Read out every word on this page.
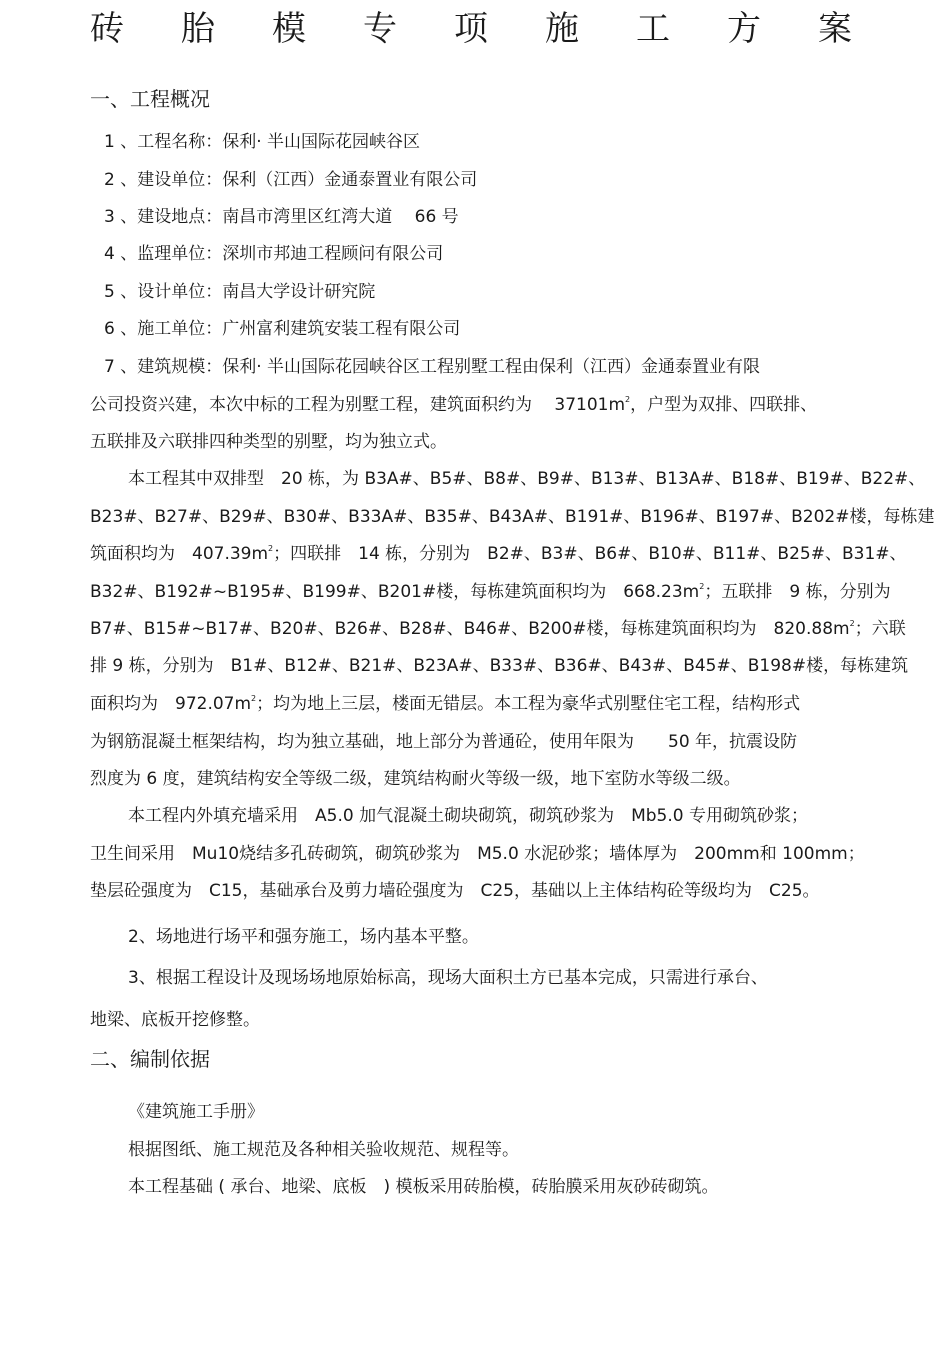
砖 胎 模 专 项 施 工 方 案
一、工程概况
1 、工程名称：保利· 半山国际花园峡谷区
2 、建设单位：保利（江西）金通泰置业有限公司
3 、建设地点：南昌市湾里区红湾大道　 66 号
4 、监理单位：深圳市邦迪工程顾问有限公司
5 、设计单位：南昌大学设计研究院
6 、施工单位：广州富利建筑安装工程有限公司
7 、建筑规模：保利· 半山国际花园峡谷区工程别墅工程由保利（江西）金通泰置业有限
公司投资兴建，本次中标的工程为别墅工程，建筑面积约为　 $37101m^2$，户型为双排、四联排、
五联排及六联排四种类型的别墅，均为独立式。
本工程其中双排型　20 栋，为 B3A#、B5#、B8#、B9#、B13#、B13A#、B18#、B19#、B22#、
B23#、B27#、B29#、B30#、B33A#、B35#、B43A#、B191#、B196#、B197#、B202#楼，每栋建
筑面积均为　$407.39m^2$；四联排　14 栋，分别为　B2#、B3#、B6#、B10#、B11#、B25#、B31#、
B32#、B192#~B195#、B199#、B201#楼，每栋建筑面积均为　$668.23m^2$；五联排　9 栋，分别为
B7#、B15#~B17#、B20#、B26#、B28#、B46#、B200#楼，每栋建筑面积均为　$820.88m^2$；六联
排 9 栋，分别为　B1#、B12#、B21#、B23A#、B33#、B36#、B43#、B45#、B198#楼，每栋建筑
面积均为　$972.07m^2$；均为地上三层，楼面无错层。本工程为豪华式别墅住宅工程，结构形式
为钢筋混凝土框架结构，均为独立基础，地上部分为普通砼，使用年限为　　50 年，抗震设防
烈度为 6 度，建筑结构安全等级二级，建筑结构耐火等级一级，地下室防水等级二级。
本工程内外填充墙采用　A5.0 加气混凝土砌块砌筑，砌筑砂浆为　Mb5.0 专用砌筑砂浆；
卫生间采用　Mu10烧结多孔砖砌筑，砌筑砂浆为　M5.0 水泥砂浆；墙体厚为　200mm和 100mm；
垫层砼强度为　C15，基础承台及剪力墙砼强度为　C25，基础以上主体结构砼等级均为　C25。
2、场地进行场平和强夯施工，场内基本平整。
3、根据工程设计及现场场地原始标高，现场大面积土方已基本完成，只需进行承台、
地梁、底板开挖修整。
二、编制依据
《建筑施工手册》
根据图纸、施工规范及各种相关验收规范、规程等。
本工程基础 ( 承台、地梁、底板　) 模板采用砖胎模，砖胎膜采用灰砂砖砌筑。
